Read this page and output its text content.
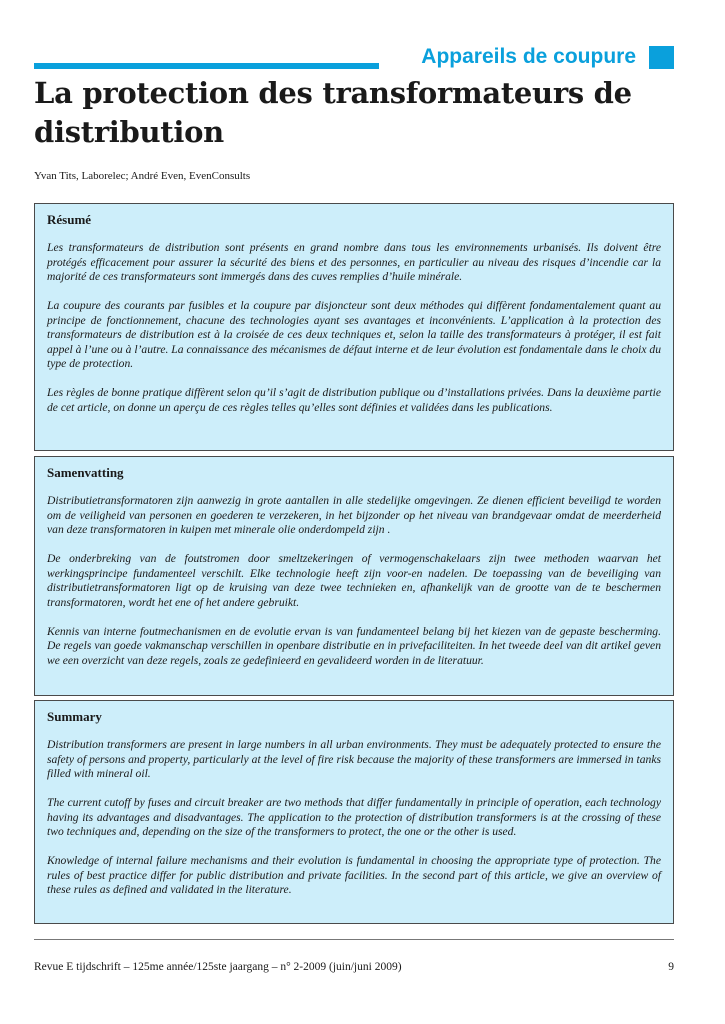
Appareils de coupure
La protection des transformateurs de distribution
Yvan Tits, Laborelec; André Even, EvenConsults
Résumé

Les transformateurs de distribution sont présents en grand nombre dans tous les environnements urbanisés. Ils doivent être protégés efficacement pour assurer la sécurité des biens et des personnes, en particulier au niveau des risques d’incendie car la majorité de ces transformateurs sont immergés dans des cuves remplies d’huile minérale.

La coupure des courants par fusibles et la coupure par disjoncteur sont deux méthodes qui diffèrent fondamentalement quant au principe de fonctionnement, chacune des technologies ayant ses avantages et inconvénients. L’application à la protection des transformateurs de distribution est à la croisée de ces deux techniques et, selon la taille des transformateurs à protéger, il est fait appel à l’une ou à l’autre. La connaissance des mécanismes de défaut interne et de leur évolution est fondamentale dans le choix du type de protection.

Les règles de bonne pratique diffèrent selon qu’il s’agit de distribution publique ou d’installations privées. Dans la deuxième partie de cet article, on donne un aperçu de ces règles telles qu’elles sont définies et validées dans les publications.

Samenvatting

Distributietransformatoren zijn aanwezig in grote aantallen in alle stedelijke omgevingen. Ze dienen efficient beveiligd te worden om de veiligheid van personen en goederen te verzekeren, in het bijzonder op het niveau van brandgevaar omdat de meerderheid van deze transformatoren in kuipen met minerale olie onderdompeld zijn .

De onderbreking van de foutstromen door smeltzekeringen of vermogenschakelaars zijn twee methoden waarvan het werkingsprincipe fundamenteel verschilt. Elke technologie heeft zijn voor-en nadelen. De toepassing van de beveiliging van distributietransformatoren ligt op de kruising van deze twee technieken en, afhankelijk van de grootte van de te beschermen transformatoren, wordt het ene of het andere gebruikt.

Kennis van interne foutmechanismen en de evolutie ervan is van fundamenteel belang bij het kiezen van de gepaste bescherming. De regels van goede vakmanschap verschillen in openbare distributie en in privefaciliteiten. In het tweede deel van dit artikel geven we een overzicht van deze regels, zoals ze gedefinieerd en gevalideerd worden in de literatuur.

Summary

Distribution transformers are present in large numbers in all urban environments. They must be adequately protected to ensure the safety of persons and property, particularly at the level of fire risk because the majority of these transformers are immersed in tanks filled with mineral oil.

The current cutoff by fuses and circuit breaker are two methods that differ fundamentally in principle of operation, each technology having its advantages and disadvantages. The application to the protection of distribution transformers is at the crossing of these two techniques and, depending on the size of the transformers to protect, the one or the other is used.

Knowledge of internal failure mechanisms and their evolution is fundamental in choosing the appropriate type of protection. The rules of best practice differ for public distribution and private facilities. In the second part of this article, we give an overview of these rules as defined and validated in the literature.

Revue E tijdschrift – 125me année/125ste jaargang – n° 2-2009 (juin/juni 2009)	9
